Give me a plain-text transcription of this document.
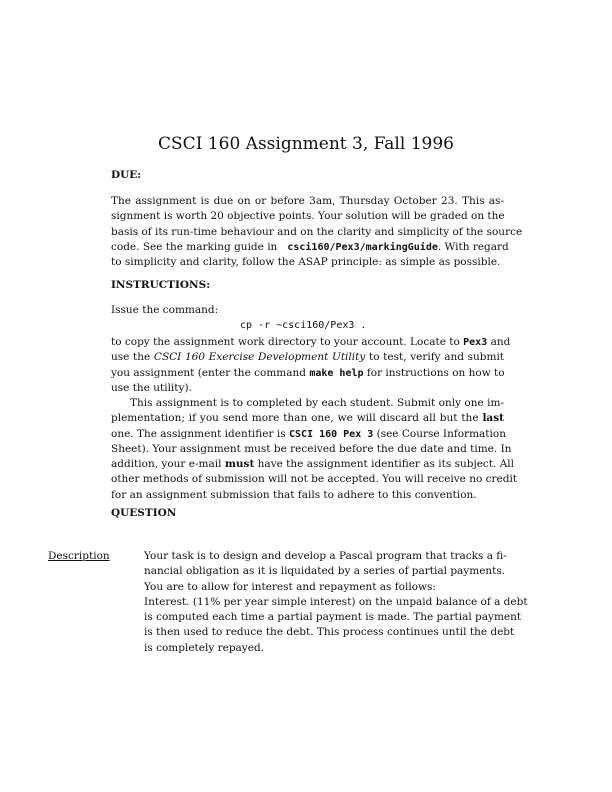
CSCI 160 Assignment 3, Fall 1996
DUE:
The assignment is due on or before 3am, Thursday October 23. This as-
signment is worth 20 objective points. Your solution will be graded on the
basis of its run-time behaviour and on the clarity and simplicity of the source
code. See the marking guide in csci160/Pex3/markingGuide. With regard
to simplicity and clarity, follow the ASAP principle: as simple as possible.
INSTRUCTIONS:
Issue the command:
cp -r ~csci160/Pex3 .
to copy the assignment work directory to your account. Locate to Pex3 and
use the CSCI 160 Exercise Development Utility to test, verify and submit
you assignment (enter the command make help for instructions on how to
use the utility).
This assignment is to completed by each student. Submit only one im-
plementation; if you send more than one, we will discard all but the last
one. The assignment identifier is CSCI 160 Pex 3 (see Course Information
Sheet). Your assignment must be received before the due date and time. In
addition, your e-mail must have the assignment identifier as its subject. All
other methods of submission will not be accepted. You will receive no credit
for an assignment submission that fails to adhere to this convention.
QUESTION
Description	Your task is to design and develop a Pascal program that tracks a fi-
nancial obligation as it is liquidated by a series of partial payments.
You are to allow for interest and repayment as follows:
Interest. (11% per year simple interest) on the unpaid balance of a debt
is computed each time a partial payment is made. The partial payment
is then used to reduce the debt. This process continues until the debt
is completely repayed.
